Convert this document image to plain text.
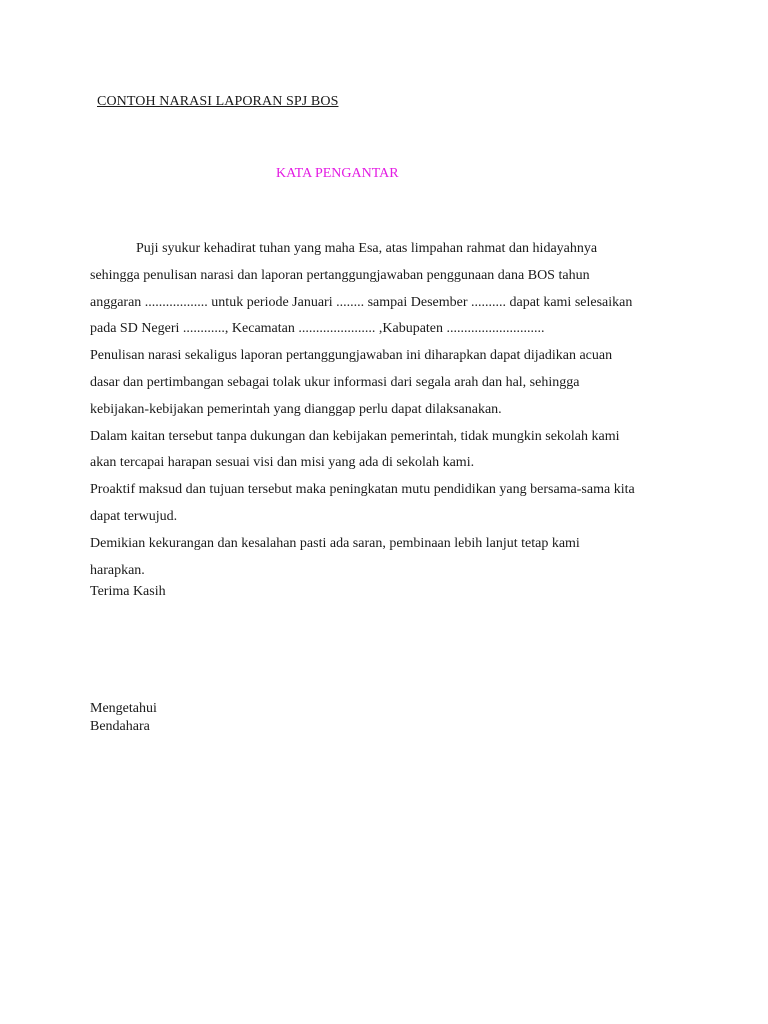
CONTOH NARASI LAPORAN SPJ BOS
KATA PENGANTAR
Puji syukur kehadirat tuhan yang maha Esa, atas limpahan rahmat dan hidayahnya
sehingga penulisan narasi dan laporan pertanggungjawaban penggunaan dana BOS tahun
anggaran .................. untuk periode Januari ........ sampai Desember .......... dapat kami selesaikan
pada SD Negeri ............, Kecamatan ...................... ,Kabupaten ............................
Penulisan narasi sekaligus laporan pertanggungjawaban ini diharapkan dapat dijadikan acuan
dasar dan pertimbangan sebagai tolak ukur informasi dari segala arah dan hal, sehingga
kebijakan-kebijakan pemerintah yang dianggap perlu dapat dilaksanakan.
Dalam kaitan tersebut tanpa dukungan dan kebijakan pemerintah, tidak mungkin sekolah kami
akan tercapai harapan sesuai visi dan misi yang ada di sekolah kami.
Proaktif maksud dan tujuan tersebut maka peningkatan mutu pendidikan yang bersama-sama kita
dapat terwujud.
Demikian kekurangan dan kesalahan pasti ada saran, pembinaan lebih lanjut tetap kami
harapkan.
Terima Kasih
Mengetahui
Bendahara
